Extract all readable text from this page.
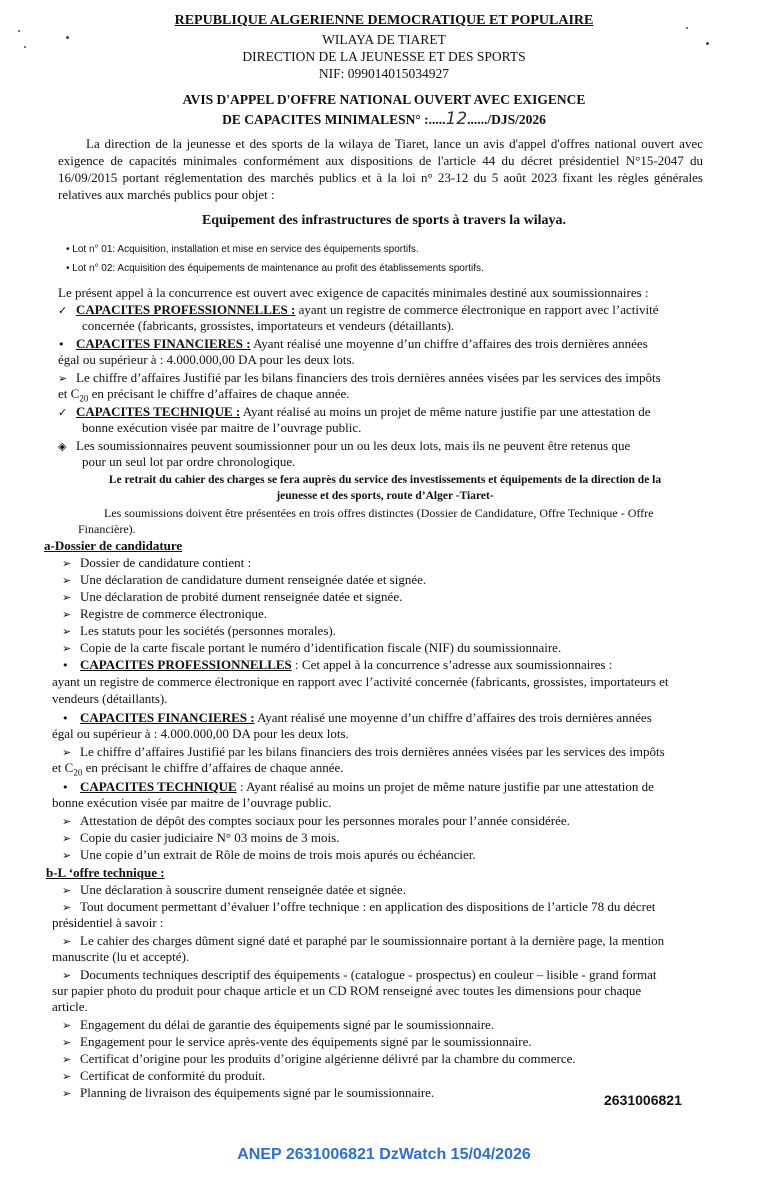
REPUBLIQUE ALGERIENNE DEMOCRATIQUE ET POPULAIRE
WILAYA DE TIARET
DIRECTION DE LA JEUNESSE ET DES SPORTS
NIF: 099014015034927
AVIS D'APPEL D'OFFRE NATIONAL OUVERT AVEC EXIGENCE
DE CAPACITES MINIMALESN° :.....12....../DJS/2026
La direction de la jeunesse et des sports de la wilaya de Tiaret, lance un avis d'appel d'offres national ouvert avec exigence de capacités minimales conformément aux dispositions de l'article 44 du décret présidentiel N°15-2047 du 16/09/2015 portant réglementation des marchés publics et à la loi n° 23-12 du 5 août 2023 fixant les règles générales relatives aux marchés publics pour objet :
Equipement des infrastructures de sports à travers la wilaya.
• Lot n° 01: Acquisition, installation et mise en service des équipements sportifs.
• Lot n° 02: Acquisition des équipements de maintenance au profit des établissements sportifs.
Le présent appel à la concurrence est ouvert avec exigence de capacités minimales destiné aux soumissionnaires :
✓ CAPACITES PROFESSIONNELLES : ayant un registre de commerce électronique en rapport avec l’activité
concernée (fabricants, grossistes, importateurs et vendeurs (détaillants).
• CAPACITES FINANCIERES : Ayant réalisé une moyenne d’un chiffre d’affaires des trois dernières années
égal ou supérieur à : 4.000.000,00 DA pour les deux lots.
➢ Le chiffre d’affaires Justifié par les bilans financiers des trois dernières années visées par les services des impôts
et $C_{20}$ en précisant le chiffre d’affaires de chaque année.
✓ CAPACITES TECHNIQUE : Ayant réalisé au moins un projet de même nature justifie par une attestation de
bonne exécution visée par maitre de l’ouvrage public.
◈ Les soumissionnaires peuvent soumissionner pour un ou les deux lots, mais ils ne peuvent être retenus que
pour un seul lot par ordre chronologique.
Le retrait du cahier des charges se fera auprès du service des investissements et équipements de la direction de la
jeunesse et des sports, route d’Alger -Tiaret-
Les soumissions doivent être présentées en trois offres distinctes (Dossier de Candidature, Offre Technique - Offre
Financière).
a-Dossier de candidature
➢ Dossier de candidature contient :
➢ Une déclaration de candidature dument renseignée datée et signée.
➢ Une déclaration de probité dument renseignée datée et signée.
➢ Registre de commerce électronique.
➢ Les statuts pour les sociétés (personnes morales).
➢ Copie de la carte fiscale portant le numéro d’identification fiscale (NIF) du soumissionnaire.
• CAPACITES PROFESSIONNELLES : Cet appel à la concurrence s’adresse aux soumissionnaires :
ayant un registre de commerce électronique en rapport avec l’activité concernée (fabricants, grossistes, importateurs et
vendeurs (détaillants).
• CAPACITES FINANCIERES : Ayant réalisé une moyenne d’un chiffre d’affaires des trois dernières années
égal ou supérieur à : 4.000.000,00 DA pour les deux lots.
➢ Le chiffre d’affaires Justifié par les bilans financiers des trois dernières années visées par les services des impôts
et $C_{20}$ en précisant le chiffre d’affaires de chaque année.
• CAPACITES TECHNIQUE : Ayant réalisé au moins un projet de même nature justifie par une attestation de
bonne exécution visée par maitre de l’ouvrage public.
➢ Attestation de dépôt des comptes sociaux pour les personnes morales pour l’année considérée.
➢ Copie du casier judiciaire N° 03 moins de 3 mois.
➢ Une copie d’un extrait de Rôle de moins de trois mois apurés ou échéancier.
b-L ‘offre technique :
➢ Une déclaration à souscrire dument renseignée datée et signée.
➢ Tout document permettant d’évaluer l’offre technique : en application des dispositions de l’article 78 du décret
présidentiel à savoir :
➢ Le cahier des charges dûment signé daté et paraphé par le soumissionnaire portant à la dernière page, la mention
manuscrite (lu et accepté).
➢ Documents techniques descriptif des équipements - (catalogue - prospectus) en couleur – lisible - grand format
sur papier photo du produit pour chaque article et un CD ROM renseigné avec toutes les dimensions pour chaque
article.
➢ Engagement du délai de garantie des équipements signé par le soumissionnaire.
➢ Engagement pour le service après-vente des équipements signé par le soumissionnaire.
➢ Certificat d’origine pour les produits d’origine algérienne délivré par la chambre du commerce.
➢ Certificat de conformité du produit.
➢ Planning de livraison des équipements signé par le soumissionnaire.	2631006821
ANEP 2631006821 DzWatch 15/04/2026
